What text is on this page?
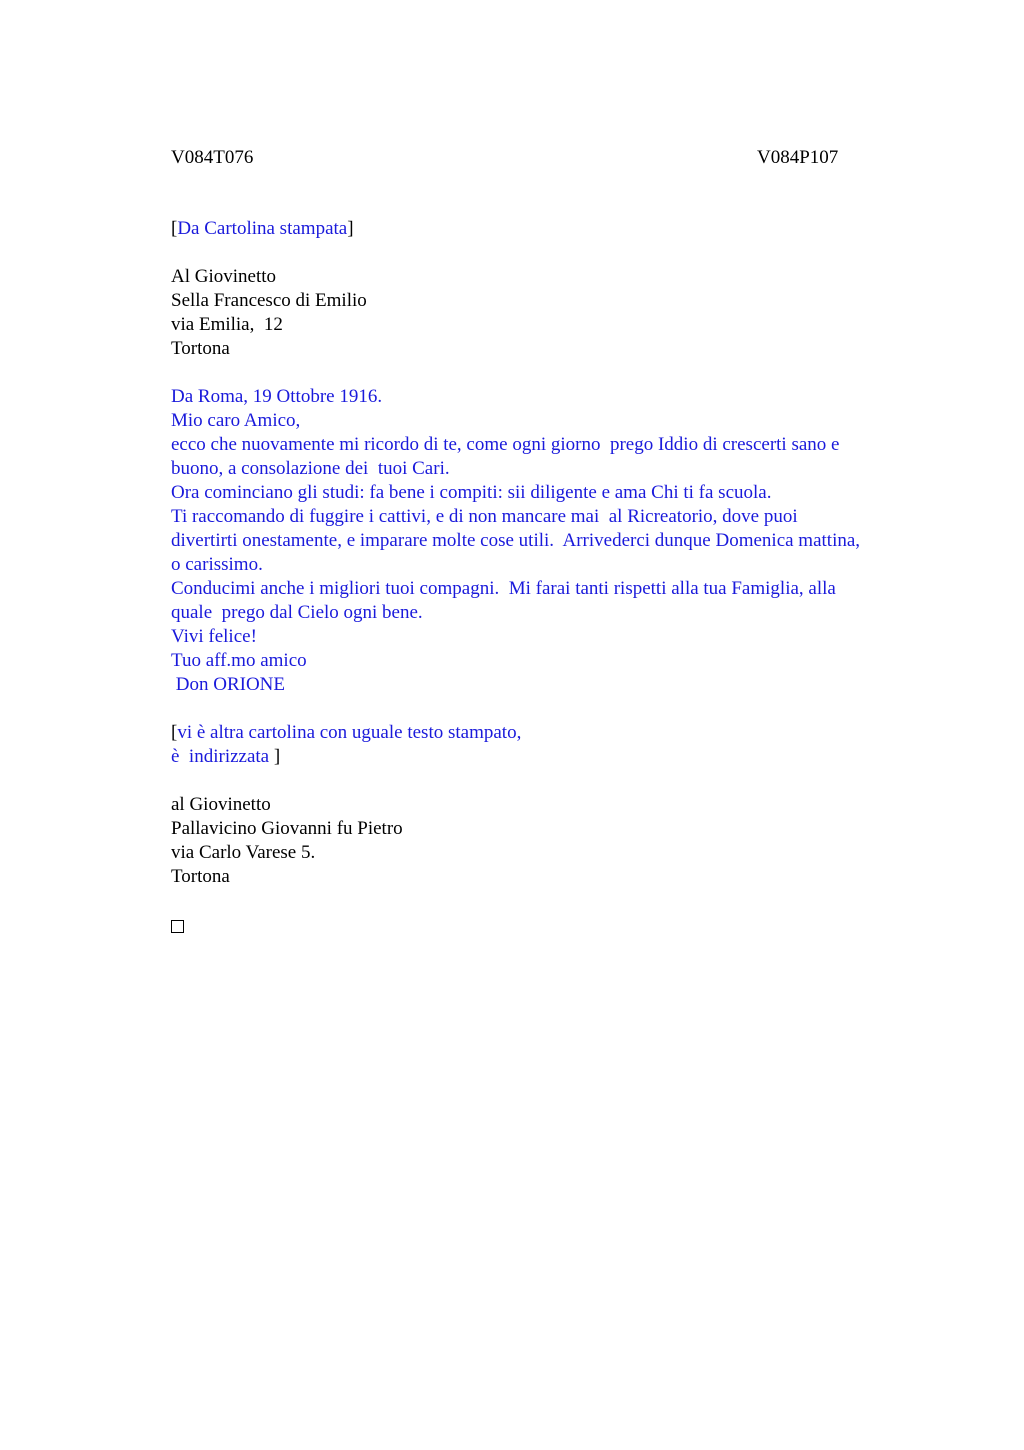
V084T076	V084P107
[Da Cartolina stampata]
Al Giovinetto
Sella Francesco di Emilio
via Emilia,  12
Tortona
Da Roma, 19 Ottobre 1916.
Mio caro Amico,
ecco che nuovamente mi ricordo di te, come ogni giorno  prego Iddio di crescerti sano e
buono, a consolazione dei  tuoi Cari.
Ora cominciano gli studi: fa bene i compiti: sii diligente e ama Chi ti fa scuola.
Ti raccomando di fuggire i cattivi, e di non mancare mai  al Ricreatorio, dove puoi
divertirti onestamente, e imparare molte cose utili.  Arrivederci dunque Domenica mattina,
o carissimo.
Conducimi anche i migliori tuoi compagni.  Mi farai tanti rispetti alla tua Famiglia, alla
quale  prego dal Cielo ogni bene.
Vivi felice!
Tuo aff.mo amico
Don ORIONE
[vi è altra cartolina con uguale testo stampato,
è  indirizzata ]
al Giovinetto
Pallavicino Giovanni fu Pietro
via Carlo Varese 5.
Tortona
